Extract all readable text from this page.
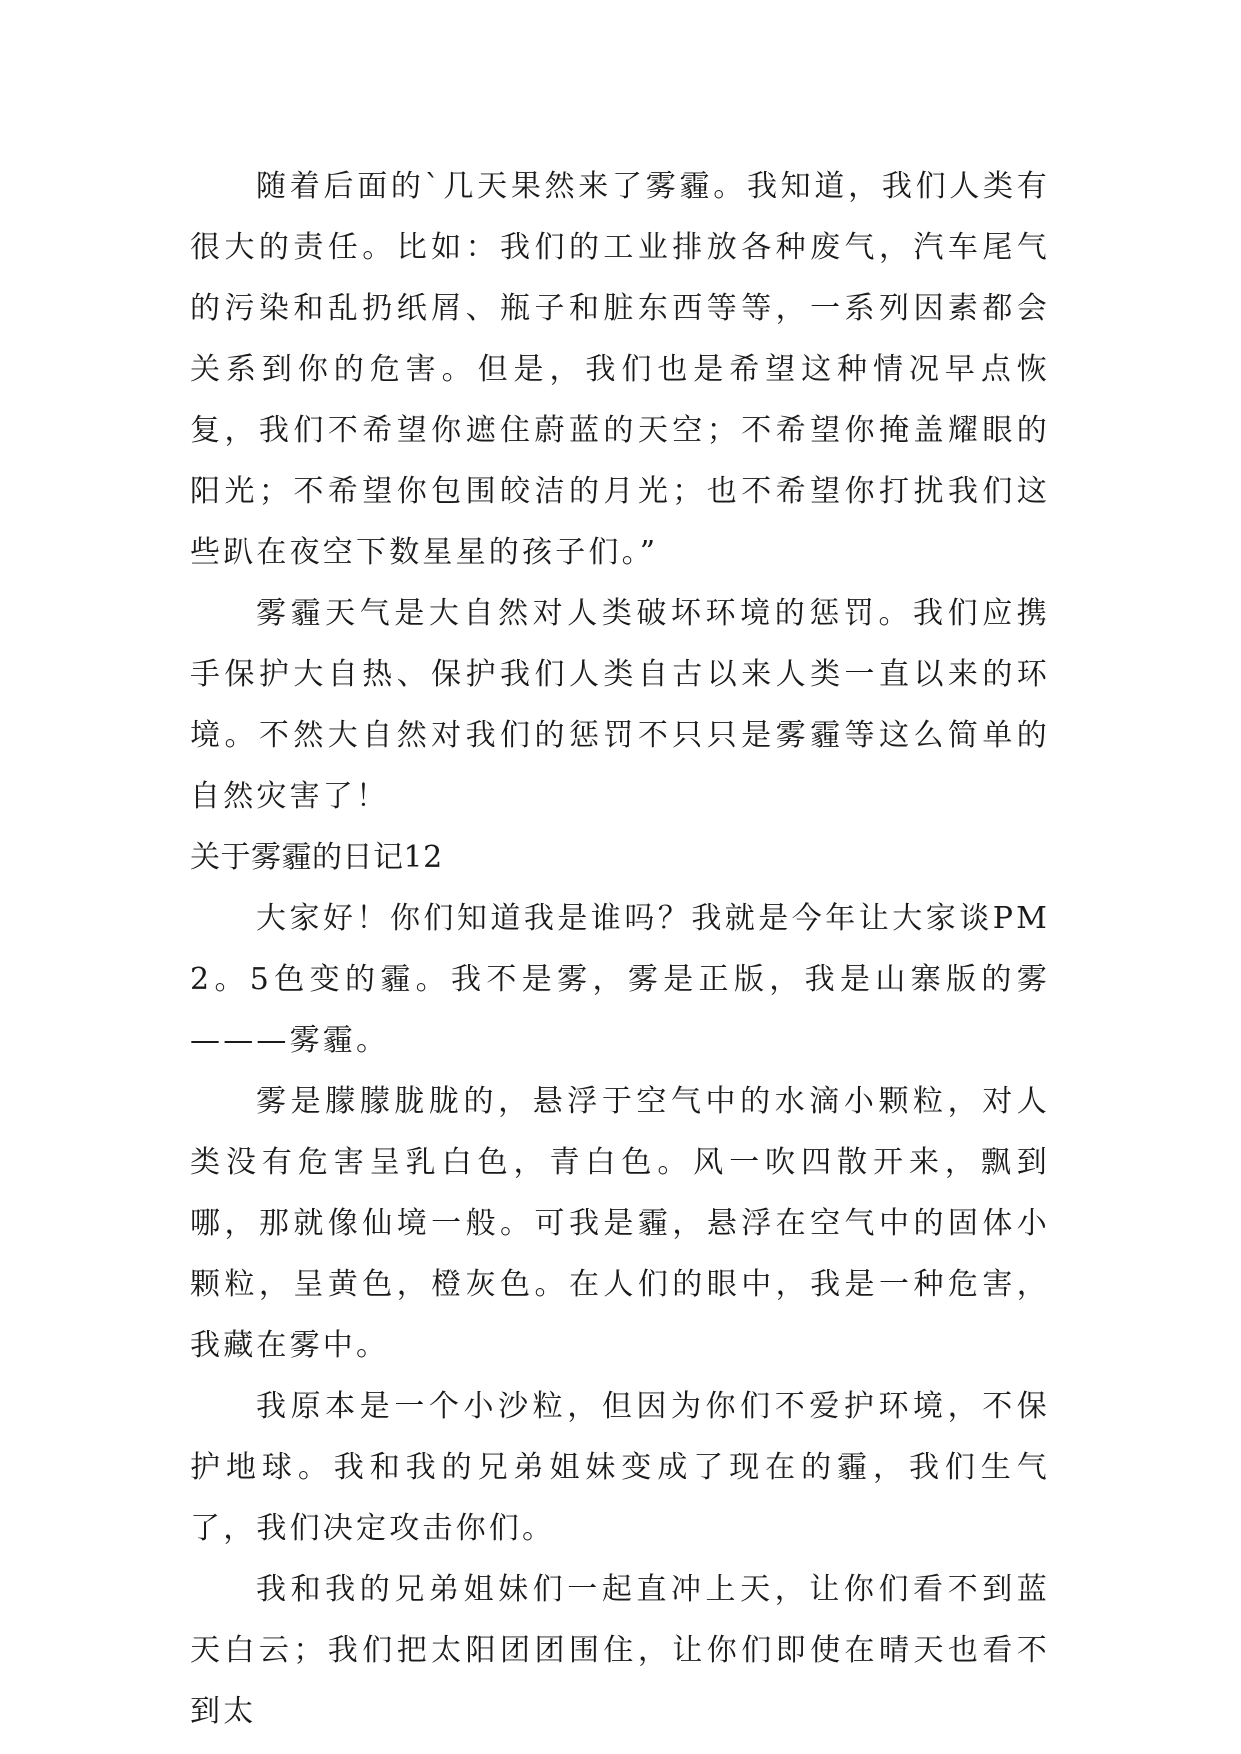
随着后面的`几天果然来了雾霾。我知道，我们人类有很大的责任。比如：我们的工业排放各种废气，汽车尾气的污染和乱扔纸屑、瓶子和脏东西等等，一系列因素都会关系到你的危害。但是，我们也是希望这种情况早点恢复，我们不希望你遮住蔚蓝的天空；不希望你掩盖耀眼的阳光；不希望你包围皎洁的月光；也不希望你打扰我们这些趴在夜空下数星星的孩子们。”

雾霾天气是大自然对人类破坏环境的惩罚。我们应携手保护大自热、保护我们人类自古以来人类一直以来的环境。不然大自然对我们的惩罚不只只是雾霾等这么简单的自然灾害了！

关于雾霾的日记12

大家好！你们知道我是谁吗？我就是今年让大家谈PM2。5色变的霾。我不是雾，雾是正版，我是山寨版的雾———雾霾。

雾是朦朦胧胧的，悬浮于空气中的水滴小颗粒，对人类没有危害呈乳白色，青白色。风一吹四散开来，飘到哪，那就像仙境一般。可我是霾，悬浮在空气中的固体小颗粒，呈黄色，橙灰色。在人们的眼中，我是一种危害，我藏在雾中。

我原本是一个小沙粒，但因为你们不爱护环境，不保护地球。我和我的兄弟姐妹变成了现在的霾，我们生气了，我们决定攻击你们。

我和我的兄弟姐妹们一起直冲上天，让你们看不到蓝天白云；我们把太阳团团围住，让你们即使在晴天也看不到太
